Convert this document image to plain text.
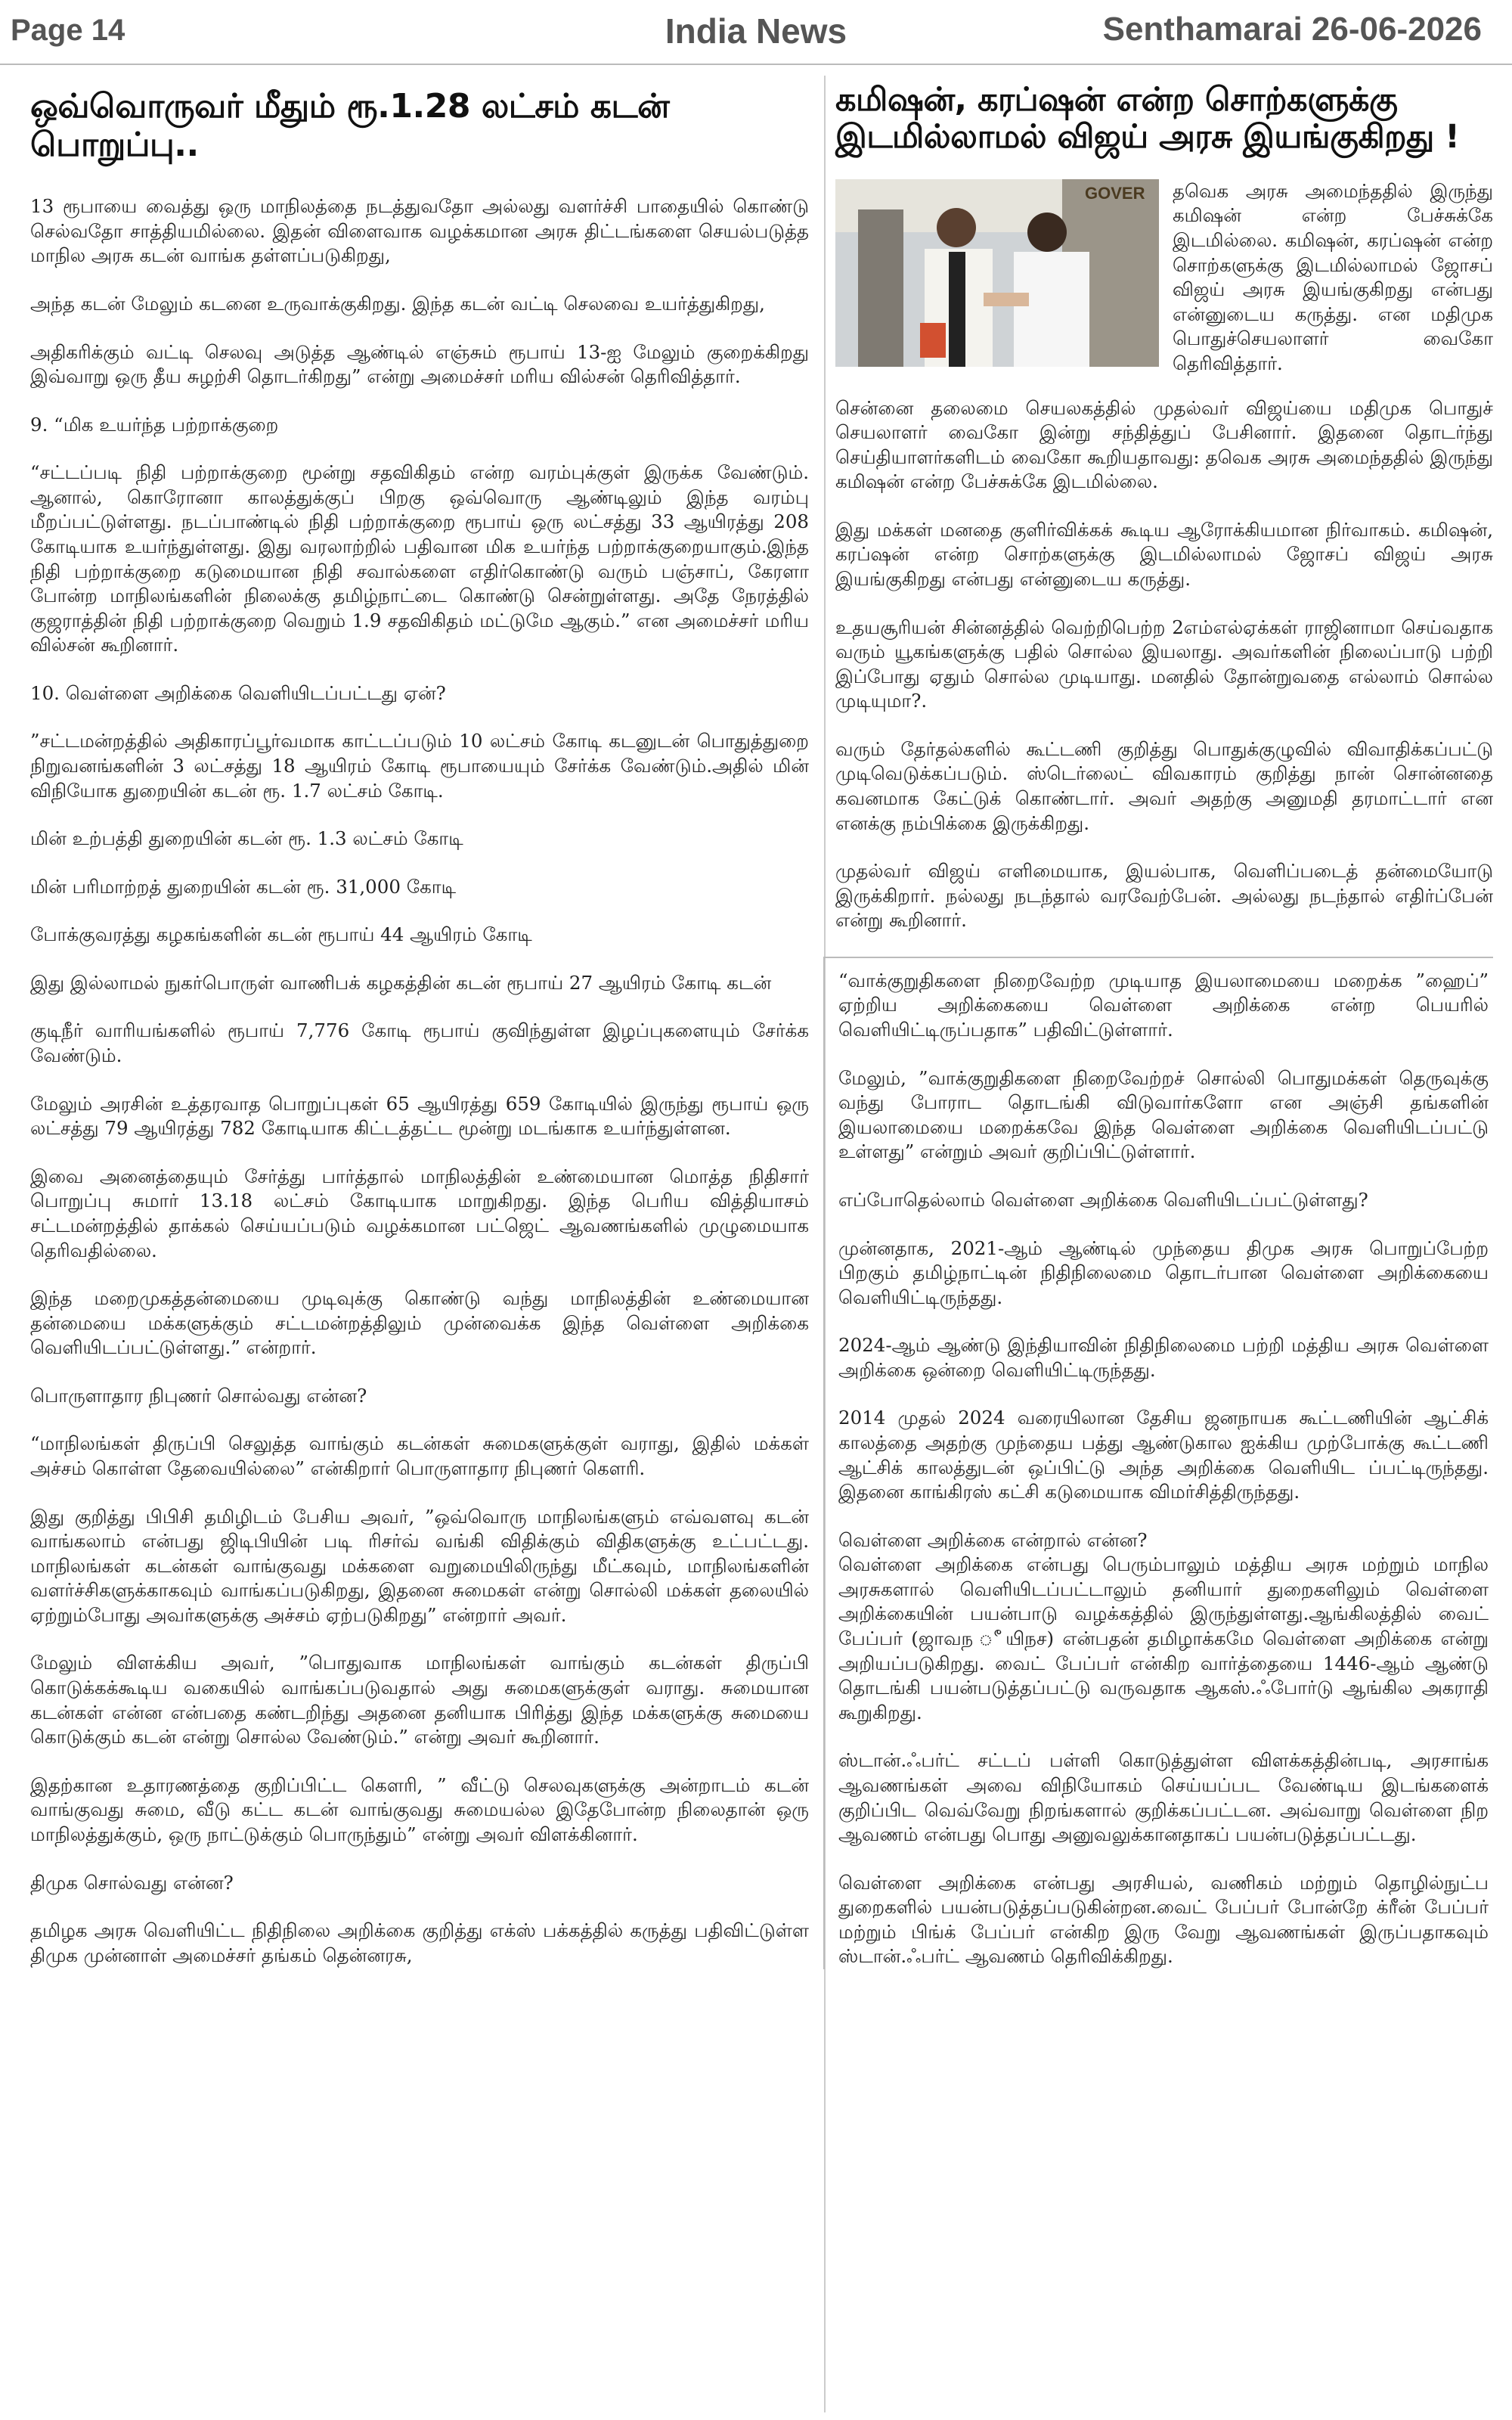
Page 14	India News	Senthamarai 26-06-2026
ஒவ்வொருவர் மீதும் ரூ.1.28 லட்சம் கடன் பொறுப்பு..

13 ரூபாயை வைத்து ஒரு மாநிலத்தை நடத்துவதோ அல்லது வளர்ச்சி பாதையில் கொண்டு செல்வதோ சாத்தியமில்லை. இதன் விளைவாக வழக்கமான அரசு திட்டங்களை செயல்படுத்த மாநில அரசு கடன் வாங்க தள்ளப்படுகிறது,

அந்த கடன் மேலும் கடனை உருவாக்குகிறது. இந்த கடன் வட்டி செலவை உயர்த்துகிறது,

அதிகரிக்கும் வட்டி செலவு அடுத்த ஆண்டில் எஞ்சும் ரூபாய் 13-ஐ மேலும் குறைக்கிறது இவ்வாறு ஒரு தீய சுழற்சி தொடர்கிறது” என்று அமைச்சர் மரிய வில்சன் தெரிவித்தார்.

9. “மிக உயர்ந்த பற்றாக்குறை

“சட்டப்படி நிதி பற்றாக்குறை மூன்று சதவிகிதம் என்ற வரம்புக்குள் இருக்க வேண்டும். ஆனால், கொரோனா காலத்துக்குப் பிறகு ஒவ்வொரு ஆண்டிலும் இந்த வரம்பு மீறப்பட்டுள்ளது. நடப்பாண்டில் நிதி பற்றாக்குறை ரூபாய் ஒரு லட்சத்து 33 ஆயிரத்து 208 கோடியாக உயர்ந்துள்ளது. இது வரலாற்றில் பதிவான மிக உயர்ந்த பற்றாக்குறையாகும்.இந்த நிதி பற்றாக்குறை கடுமையான நிதி சவால்களை எதிர்கொண்டு வரும் பஞ்சாப், கேரளா போன்ற மாநிலங்களின் நிலைக்கு தமிழ்நாட்டை கொண்டு சென்றுள்ளது. அதே நேரத்தில் குஜராத்தின் நிதி பற்றாக்குறை வெறும் 1.9 சதவிகிதம் மட்டுமே ஆகும்.” என அமைச்சர் மரிய வில்சன் கூறினார்.

10. வெள்ளை அறிக்கை வெளியிடப்பட்டது ஏன்?

”சட்டமன்றத்தில் அதிகாரப்பூர்வமாக காட்டப்படும் 10 லட்சம் கோடி கடனுடன் பொதுத்துறை நிறுவனங்களின் 3 லட்சத்து 18 ஆயிரம் கோடி ரூபாயையும் சேர்க்க வேண்டும்.அதில் மின் விநியோக துறையின் கடன் ரூ. 1.7 லட்சம் கோடி.

மின் உற்பத்தி துறையின் கடன் ரூ. 1.3 லட்சம் கோடி

மின் பரிமாற்றத் துறையின் கடன் ரூ. 31,000 கோடி

போக்குவரத்து கழகங்களின் கடன் ரூபாய் 44 ஆயிரம் கோடி

இது இல்லாமல் நுகர்பொருள் வாணிபக் கழகத்தின் கடன் ரூபாய் 27 ஆயிரம் கோடி கடன்

குடிநீர் வாரியங்களில் ரூபாய் 7,776 கோடி ரூபாய் குவிந்துள்ள இழப்புகளையும் சேர்க்க வேண்டும்.

மேலும் அரசின் உத்தரவாத பொறுப்புகள் 65 ஆயிரத்து 659 கோடியில் இருந்து ரூபாய் ஒரு லட்சத்து 79 ஆயிரத்து 782 கோடியாக கிட்டத்தட்ட மூன்று மடங்காக உயர்ந்துள்ளன.

இவை அனைத்தையும் சேர்த்து பார்த்தால் மாநிலத்தின் உண்மையான மொத்த நிதிசார் பொறுப்பு சுமார் 13.18 லட்சம் கோடியாக மாறுகிறது. இந்த பெரிய வித்தியாசம் சட்டமன்றத்தில் தாக்கல் செய்யப்படும் வழக்கமான பட்ஜெட் ஆவணங்களில் முழுமையாக தெரிவதில்லை.

இந்த மறைமுகத்தன்மையை முடிவுக்கு கொண்டு வந்து மாநிலத்தின் உண்மையான தன்மையை மக்களுக்கும் சட்டமன்றத்திலும் முன்வைக்க இந்த வெள்ளை அறிக்கை வெளியிடப்பட்டுள்ளது.” என்றார்.

பொருளாதார நிபுணர் சொல்வது என்ன?

“மாநிலங்கள் திருப்பி செலுத்த வாங்கும் கடன்கள் சுமைகளுக்குள் வராது, இதில் மக்கள் அச்சம் கொள்ள தேவையில்லை” என்கிறார் பொருளாதார நிபுணர் கௌரி.

இது குறித்து பிபிசி தமிழிடம் பேசிய அவர், ”ஒவ்வொரு மாநிலங்களும் எவ்வளவு கடன் வாங்கலாம் என்பது ஜிடிபியின் படி ரிசர்வ் வங்கி விதிக்கும் விதிகளுக்கு உட்பட்டது. மாநிலங்கள் கடன்கள் வாங்குவது மக்களை வறுமையிலிருந்து மீட்கவும், மாநிலங்களின் வளர்ச்சிகளுக்காகவும் வாங்கப்படுகிறது, இதனை சுமைகள் என்று சொல்லி மக்கள் தலையில் ஏற்றும்போது அவர்களுக்கு அச்சம் ஏற்படுகிறது” என்றார் அவர்.

மேலும் விளக்கிய அவர், ”பொதுவாக மாநிலங்கள் வாங்கும் கடன்கள் திருப்பி கொடுக்கக்கூடிய வகையில் வாங்கப்படுவதால் அது சுமைகளுக்குள் வராது. சுமையான கடன்கள் என்ன என்பதை கண்டறிந்து அதனை தனியாக பிரித்து இந்த மக்களுக்கு சுமையை கொடுக்கும் கடன் என்று சொல்ல வேண்டும்.” என்று அவர் கூறினார்.

இதற்கான உதாரணத்தை குறிப்பிட்ட கௌரி, ” வீட்டு செலவுகளுக்கு அன்றாடம் கடன் வாங்குவது சுமை, வீடு கட்ட கடன் வாங்குவது சுமையல்ல இதேபோன்ற நிலைதான் ஒரு மாநிலத்துக்கும், ஒரு நாட்டுக்கும் பொருந்தும்” என்று அவர் விளக்கினார்.

திமுக சொல்வது என்ன?

தமிழக அரசு வெளியிட்ட நிதிநிலை அறிக்கை குறித்து எக்ஸ் பக்கத்தில் கருத்து பதிவிட்டுள்ள திமுக முன்னாள் அமைச்சர் தங்கம் தென்னரசு,

கமிஷன், கரப்ஷன் என்ற சொற்களுக்கு இடமில்லாமல் விஜய் அரசு இயங்குகிறது !
GOVER	தவெக அரசு அமைந்ததில் இருந்து கமிஷன் என்ற பேச்சுக்கே இடமில்லை. கமிஷன், கரப்ஷன் என்ற சொற்களுக்கு இடமில்லாமல் ஜோசப் விஜய் அரசு இயங்குகிறது என்பது என்னுடைய கருத்து. என மதிமுக பொதுச்செயலாளர் வைகோ தெரிவித்தார்.

சென்னை தலைமை செயலகத்தில் முதல்வர் விஜய்யை மதிமுக பொதுச் செயலாளர் வைகோ இன்று சந்தித்துப் பேசினார். இதனை தொடர்ந்து செய்தியாளர்களிடம் வைகோ கூறியதாவது: தவெக அரசு அமைந்ததில் இருந்து கமிஷன் என்ற பேச்சுக்கே இடமில்லை.

இது மக்கள் மனதை குளிர்விக்கக் கூடிய ஆரோக்கியமான நிர்வாகம். கமிஷன், கரப்ஷன் என்ற சொற்களுக்கு இடமில்லாமல் ஜோசப் விஜய் அரசு இயங்குகிறது என்பது என்னுடைய கருத்து.

உதயசூரியன் சின்னத்தில் வெற்றிபெற்ற 2எம்எல்ஏக்கள் ராஜினாமா செய்வதாக வரும் யூகங்களுக்கு பதில் சொல்ல இயலாது. அவர்களின் நிலைப்பாடு பற்றி இப்போது ஏதும் சொல்ல முடியாது. மனதில் தோன்றுவதை எல்லாம் சொல்ல முடியுமா?.

வரும் தேர்தல்களில் கூட்டணி குறித்து பொதுக்குழுவில் விவாதிக்கப்பட்டு முடிவெடுக்கப்படும். ஸ்டெர்லைட் விவகாரம் குறித்து நான் சொன்னதை கவனமாக கேட்டுக் கொண்டார். அவர் அதற்கு அனுமதி தரமாட்டார் என எனக்கு நம்பிக்கை இருக்கிறது.

முதல்வர் விஜய் எளிமையாக, இயல்பாக, வெளிப்படைத் தன்மையோடு இருக்கிறார். நல்லது நடந்தால் வரவேற்பேன். அல்லது நடந்தால் எதிர்ப்பேன் என்று கூறினார்.

“வாக்குறுதிகளை நிறைவேற்ற முடியாத இயலாமையை மறைக்க ”ஹைப்” ஏற்றிய அறிக்கையை வெள்ளை அறிக்கை என்ற பெயரில் வெளியிட்டிருப்பதாக” பதிவிட்டுள்ளார்.

மேலும், ”வாக்குறுதிகளை நிறைவேற்றச் சொல்லி பொதுமக்கள் தெருவுக்கு வந்து போராட தொடங்கி விடுவார்களோ என அஞ்சி தங்களின் இயலாமையை மறைக்கவே இந்த வெள்ளை அறிக்கை வெளியிடப்பட்டு உள்ளது” என்றும் அவர் குறிப்பிட்டுள்ளார்.

எப்போதெல்லாம் வெள்ளை அறிக்கை வெளியிடப்பட்டுள்ளது?

முன்னதாக, 2021-ஆம் ஆண்டில் முந்தைய திமுக அரசு பொறுப்பேற்ற பிறகும் தமிழ்நாட்டின் நிதிநிலைமை தொடர்பான வெள்ளை அறிக்கையை வெளியிட்டிருந்தது.

2024-ஆம் ஆண்டு இந்தியாவின் நிதிநிலைமை பற்றி மத்திய அரசு வெள்ளை அறிக்கை ஒன்றை வெளியிட்டிருந்தது.

2014 முதல் 2024 வரையிலான தேசிய ஜனநாயக கூட்டணியின் ஆட்சிக் காலத்தை அதற்கு முந்தைய பத்து ஆண்டுகால ஐக்கிய முற்போக்கு கூட்டணி ஆட்சிக் காலத்துடன் ஒப்பிட்டு அந்த அறிக்கை வெளியிட ப்பட்டிருந்தது. இதனை காங்கிரஸ் கட்சி கடுமையாக விமர்சித்திருந்தது.

வெள்ளை அறிக்கை என்றால் என்ன?
வெள்ளை அறிக்கை என்பது பெரும்பாலும் மத்திய அரசு மற்றும் மாநில அரசுகளால் வெளியிடப்பட்டாலும் தனியார் துறைகளிலும் வெள்ளை அறிக்கையின் பயன்பாடு வழக்கத்தில் இருந்துள்ளது.ஆங்கிலத்தில் வைட் பேப்பர் (ஜாவந ீயிநச) என்பதன் தமிழாக்கமே வெள்ளை அறிக்கை என்று அறியப்படுகிறது. வைட் பேப்பர் என்கிற வார்த்தையை 1446-ஆம் ஆண்டு தொடங்கி பயன்படுத்தப்பட்டு வருவதாக ஆகஸ்.ஃபோர்டு ஆங்கில அகராதி கூறுகிறது.

ஸ்டான்.ஃபர்ட் சட்டப் பள்ளி கொடுத்துள்ள விளக்கத்தின்படி, அரசாங்க ஆவணங்கள் அவை விநியோகம் செய்யப்பட வேண்டிய இடங்களைக் குறிப்பிட வெவ்வேறு நிறங்களால் குறிக்கப்பட்டன. அவ்வாறு வெள்ளை நிற ஆவணம் என்பது பொது அனுவலுக்கானதாகப் பயன்படுத்தப்பட்டது.

வெள்ளை அறிக்கை என்பது அரசியல், வணிகம் மற்றும் தொழில்நுட்ப துறைகளில் பயன்படுத்தப்படுகின்றன.வைட் பேப்பர் போன்றே க்ரீன் பேப்பர் மற்றும் பிங்க் பேப்பர் என்கிற இரு வேறு ஆவணங்கள் இருப்பதாகவும் ஸ்டான்.ஃபர்ட் ஆவணம் தெரிவிக்கிறது.
